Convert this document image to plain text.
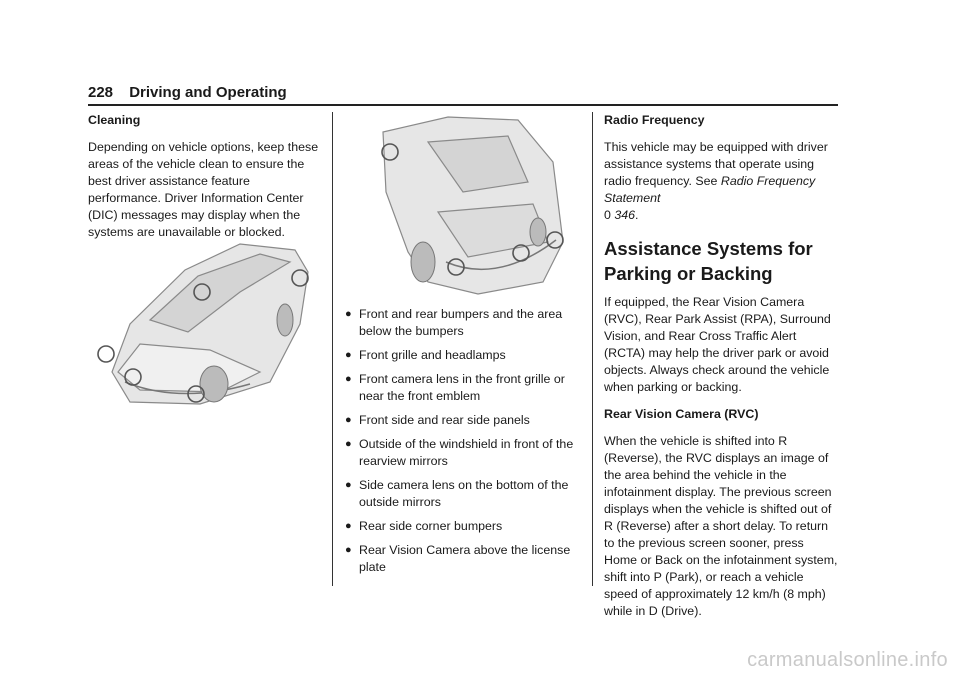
228 Driving and Operating

Cleaning

Depending on vehicle options, keep these areas of the vehicle clean to ensure the best driver assistance feature performance. Driver Information Center (DIC) messages may display when the systems are unavailable or blocked.

● Front and rear bumpers and the area below the bumpers
● Front grille and headlamps
● Front camera lens in the front grille or near the front emblem
● Front side and rear side panels
● Outside of the windshield in front of the rearview mirrors
● Side camera lens on the bottom of the outside mirrors
● Rear side corner bumpers
● Rear Vision Camera above the license plate

Radio Frequency

This vehicle may be equipped with driver assistance systems that operate using radio frequency. See Radio Frequency Statement
0 346.

Assistance Systems for Parking or Backing

If equipped, the Rear Vision Camera (RVC), Rear Park Assist (RPA), Surround Vision, and Rear Cross Traffic Alert (RCTA) may help the driver park or avoid objects. Always check around the vehicle when parking or backing.

Rear Vision Camera (RVC)

When the vehicle is shifted into R (Reverse), the RVC displays an image of the area behind the vehicle in the infotainment display. The previous screen displays when the vehicle is shifted out of R (Reverse) after a short delay. To return to the previous screen sooner, press Home or Back on the infotainment system, shift into P (Park), or reach a vehicle speed of approximately 12 km/h (8 mph) while in D (Drive).

carmanualsonline.info
